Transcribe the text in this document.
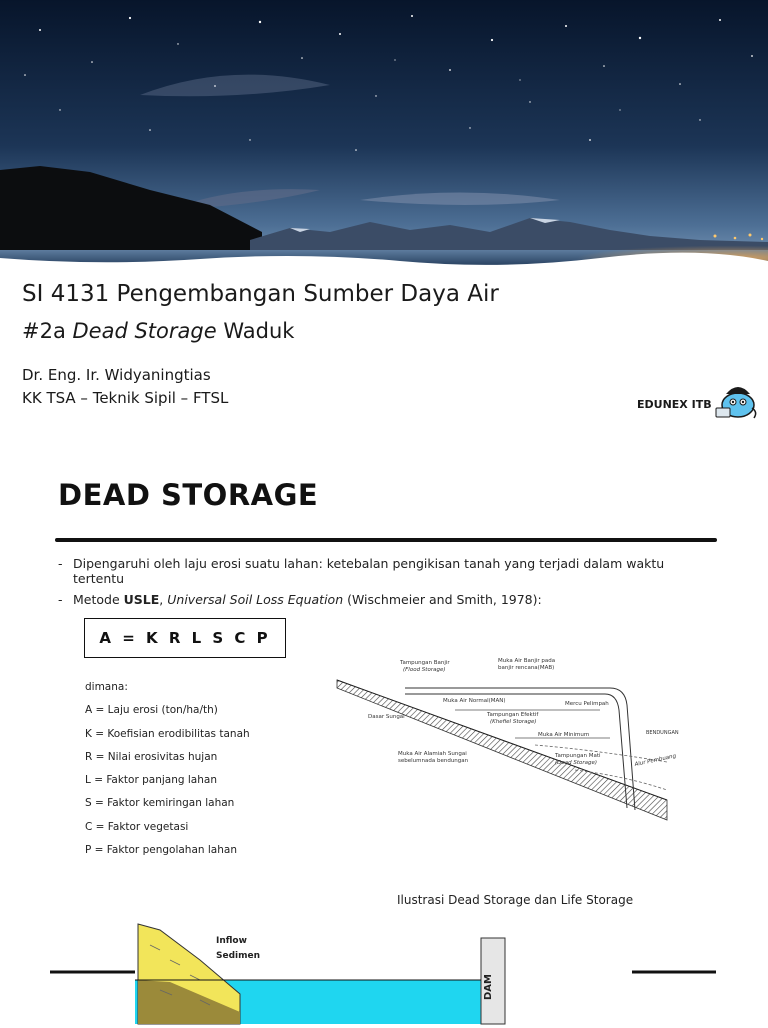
SI 4131 Pengembangan Sumber Daya Air
#2a Dead Storage Waduk
Dr. Eng. Ir. Widyaningtias
KK TSA – Teknik Sipil – FTSL	EDUNEX ITB
DEAD STORAGE
- Dipengaruhi oleh laju erosi suatu lahan: ketebalan pengikisan tanah yang terjadi dalam waktu tertentu
- Metode USLE, Universal Soil Loss Equation (Wischmeier and Smith, 1978):
A = K R L S C P
dimana:
A = Laju erosi (ton/ha/th)
K = Koefisian erodibilitas tanah
R = Nilai erosivitas hujan
L = Faktor panjang lahan
S = Faktor kemiringan lahan
C = Faktor vegetasi
P = Faktor pengolahan lahan
Tampungan Banjir
(Flood Storage)
Muka Air Banjir pada
banjir rencana(MAB)
Muka Air Normal(MAN)	Mercu Pelimpah
Dasar Sungai	Tampungan Efektif
(Khefiel Storage)
BENDUNGAN
Muka Air Minimum
Muka Air Alamiah Sungai
sebelumnada bendungan
Tampungan Mati
(Dead Storage)	Alur Pembuang
Ilustrasi Dead Storage dan Life Storage
Inflow
Sedimen
DAM
